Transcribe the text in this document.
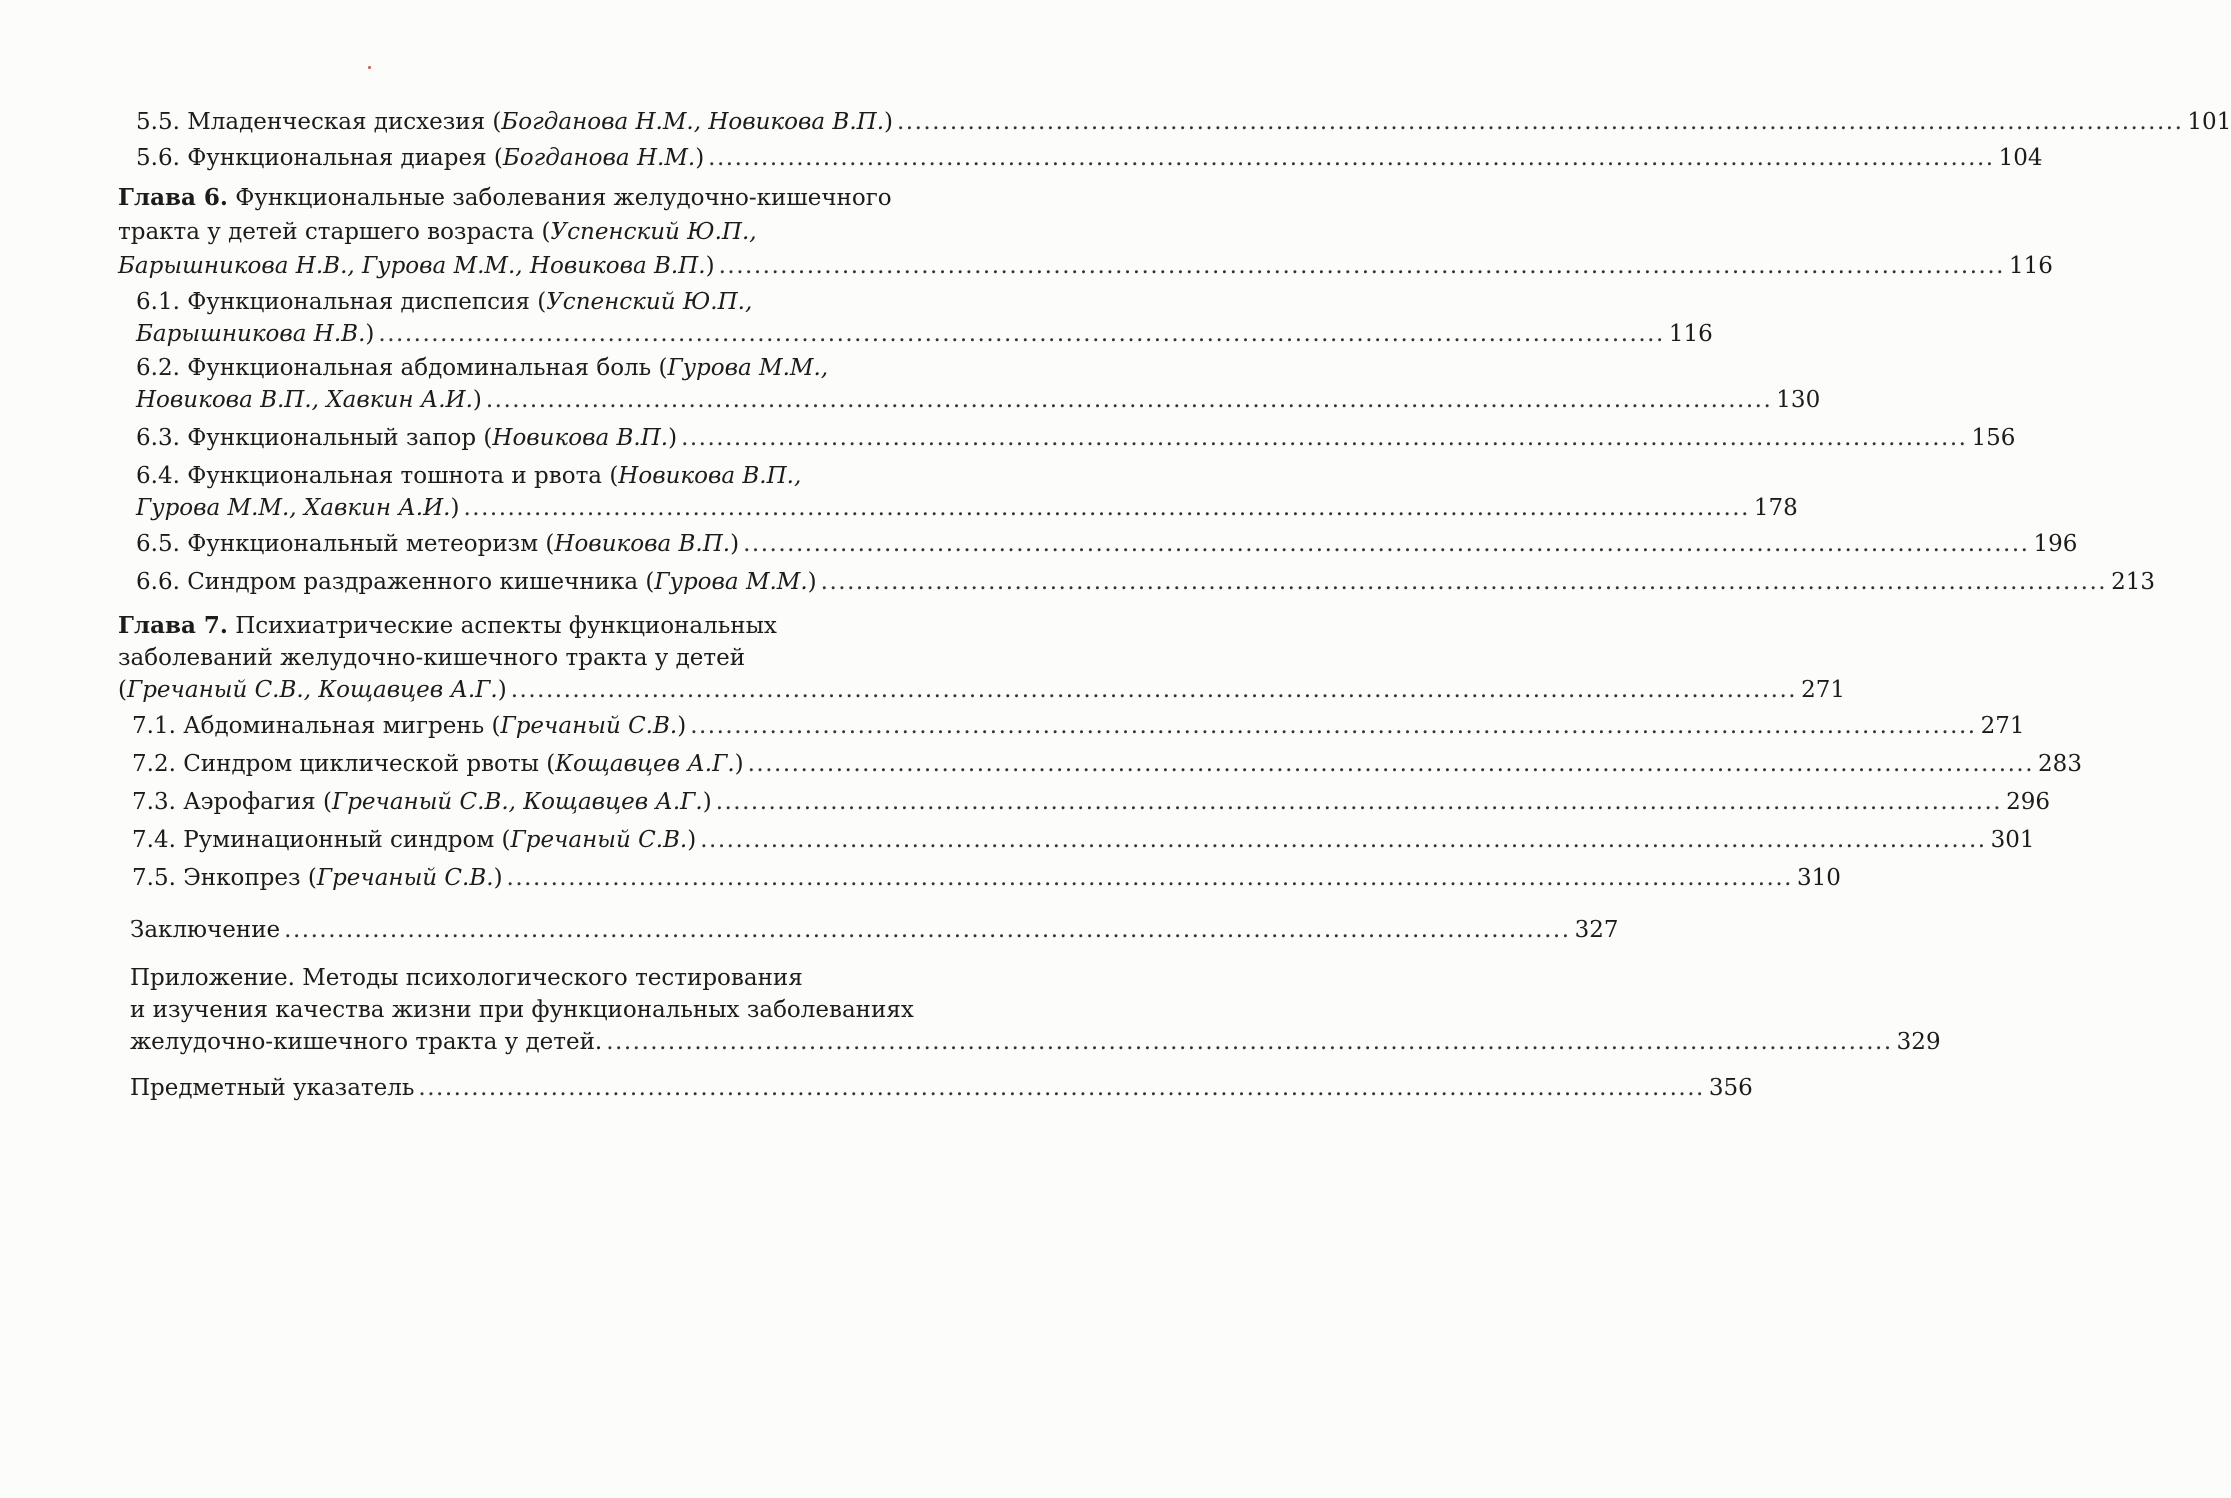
5.5. Младенческая дисхезия (Богданова Н.М., Новикова В.П.) .................................................................................................................................................. 101
5.6. Функциональная диарея (Богданова Н.М.) .................................................................................................................................................. 104
Глава 6. Функциональные заболевания желудочно-кишечного
тракта у детей старшего возраста (Успенский Ю.П.,
Барышникова Н.В., Гурова М.М., Новикова В.П.) .................................................................................................................................................. 116
6.1. Функциональная диспепсия (Успенский Ю.П.,
Барышникова Н.В.) .................................................................................................................................................. 116
6.2. Функциональная абдоминальная боль (Гурова М.М.,
Новикова В.П., Хавкин А.И.) .................................................................................................................................................. 130
6.3. Функциональный запор (Новикова В.П.) .................................................................................................................................................. 156
6.4. Функциональная тошнота и рвота (Новикова В.П.,
Гурова М.М., Хавкин А.И.) .................................................................................................................................................. 178
6.5. Функциональный метеоризм (Новикова В.П.) .................................................................................................................................................. 196
6.6. Синдром раздраженного кишечника (Гурова М.М.) .................................................................................................................................................. 213
Глава 7. Психиатрические аспекты функциональных
заболеваний желудочно-кишечного тракта у детей
(Гречаный С.В., Кощавцев А.Г.) .................................................................................................................................................. 271
7.1. Абдоминальная мигрень (Гречаный С.В.) .................................................................................................................................................. 271
7.2. Синдром циклической рвоты (Кощавцев А.Г.) .................................................................................................................................................. 283
7.3. Аэрофагия (Гречаный С.В., Кощавцев А.Г.) .................................................................................................................................................. 296
7.4. Руминационный синдром (Гречаный С.В.) .................................................................................................................................................. 301
7.5. Энкопрез (Гречаный С.В.) .................................................................................................................................................. 310
Заключение .................................................................................................................................................. 327
Приложение. Методы психологического тестирования
и изучения качества жизни при функциональных заболеваниях
желудочно-кишечного тракта у детей. .................................................................................................................................................. 329
Предметный указатель .................................................................................................................................................. 356
